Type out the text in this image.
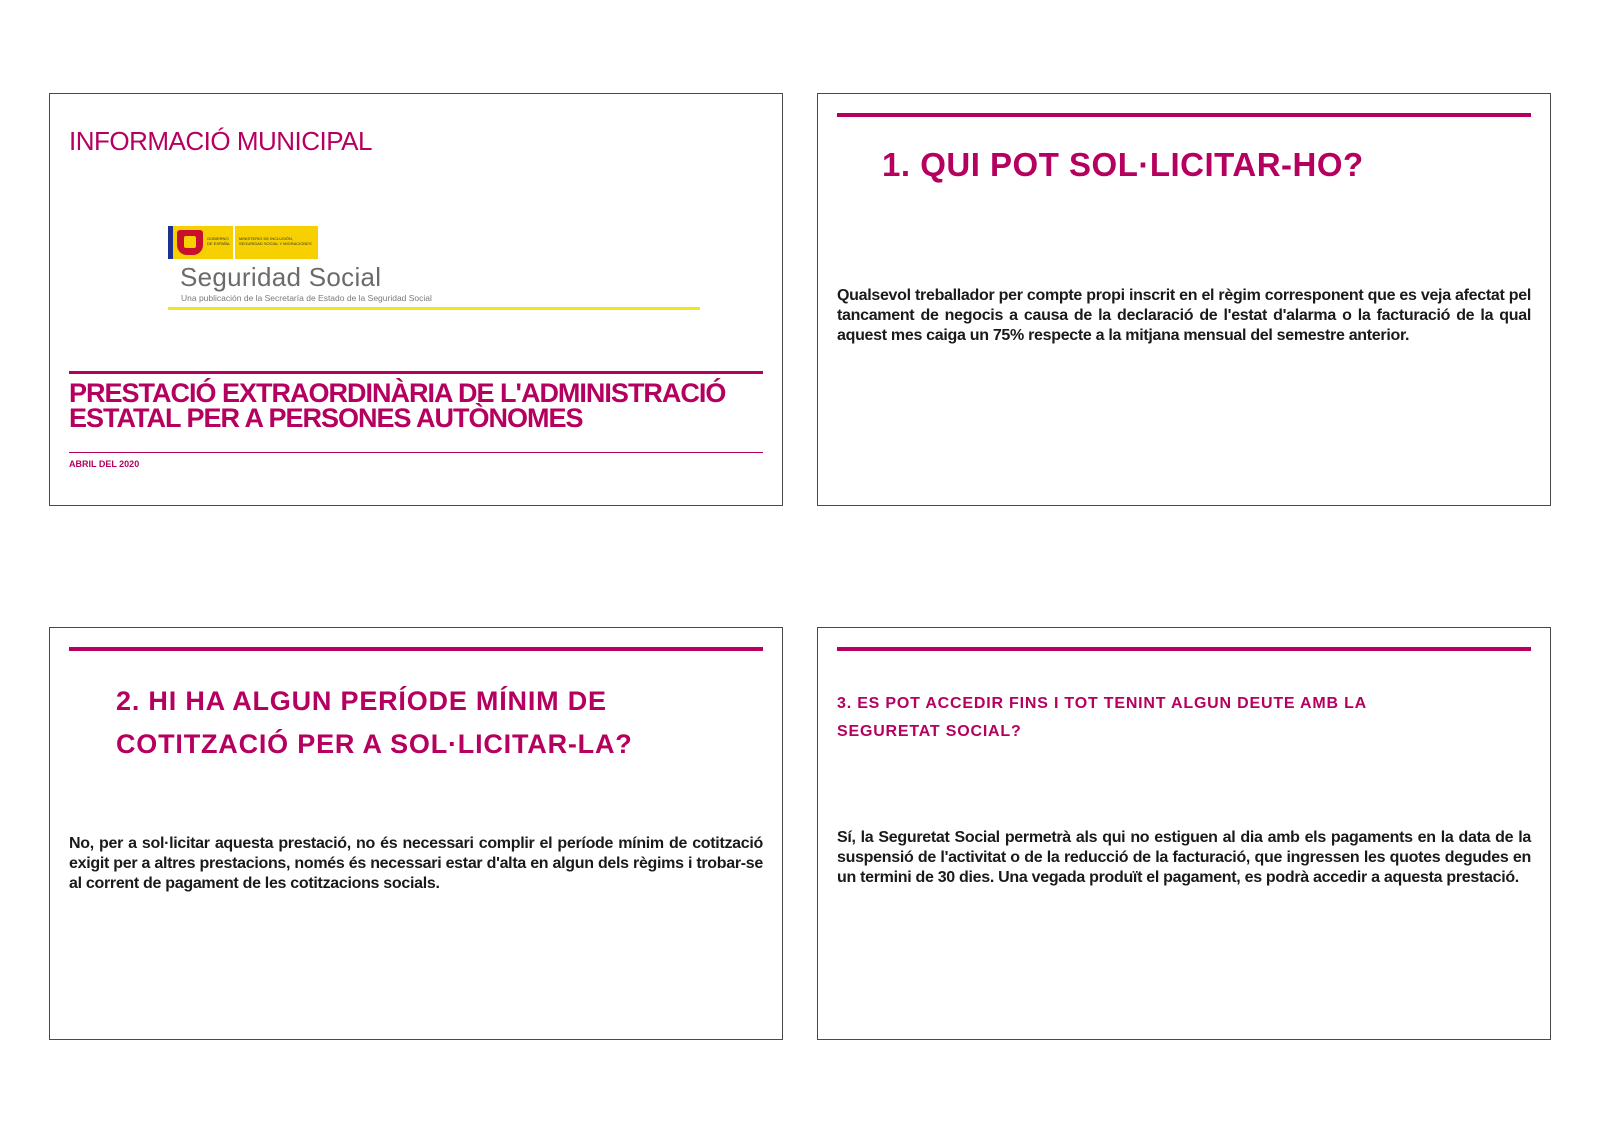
INFORMACIÓ MUNICIPAL
GOBIERNO DE ESPAÑA
MINISTERIO DE INCLUSIÓN, SEGURIDAD SOCIAL Y MIGRACIONES
Seguridad Social
Una publicación de la Secretaría de Estado de la Seguridad Social
PRESTACIÓ EXTRAORDINÀRIA DE L'ADMINISTRACIÓ
ESTATAL PER A PERSONES AUTÒNOMES
ABRIL DEL 2020
1. QUI POT SOL·LICITAR-HO?
Qualsevol treballador per compte propi inscrit en el règim corresponent que es veja afectat pel tancament de negocis a causa de la declaració de l'estat d'alarma o la facturació de la qual aquest mes caiga un 75% respecte a la mitjana mensual del semestre anterior.
2. HI HA ALGUN PERÍODE MÍNIM DE
COTITZACIÓ PER A SOL·LICITAR-LA?
No, per a sol·licitar aquesta prestació, no és necessari complir el període mínim de cotització exigit per a altres prestacions, només és necessari estar d'alta en algun dels règims i trobar-se al corrent de pagament de les cotitzacions socials.
3. ES POT ACCEDIR FINS I TOT TENINT ALGUN DEUTE AMB LA
SEGURETAT SOCIAL?
Sí, la Seguretat Social permetrà als qui no estiguen al dia amb els pagaments en la data de la suspensió de l'activitat o de la reducció de la facturació, que ingressen les quotes degudes en un termini de 30 dies. Una vegada produït el pagament, es podrà accedir a aquesta prestació.
